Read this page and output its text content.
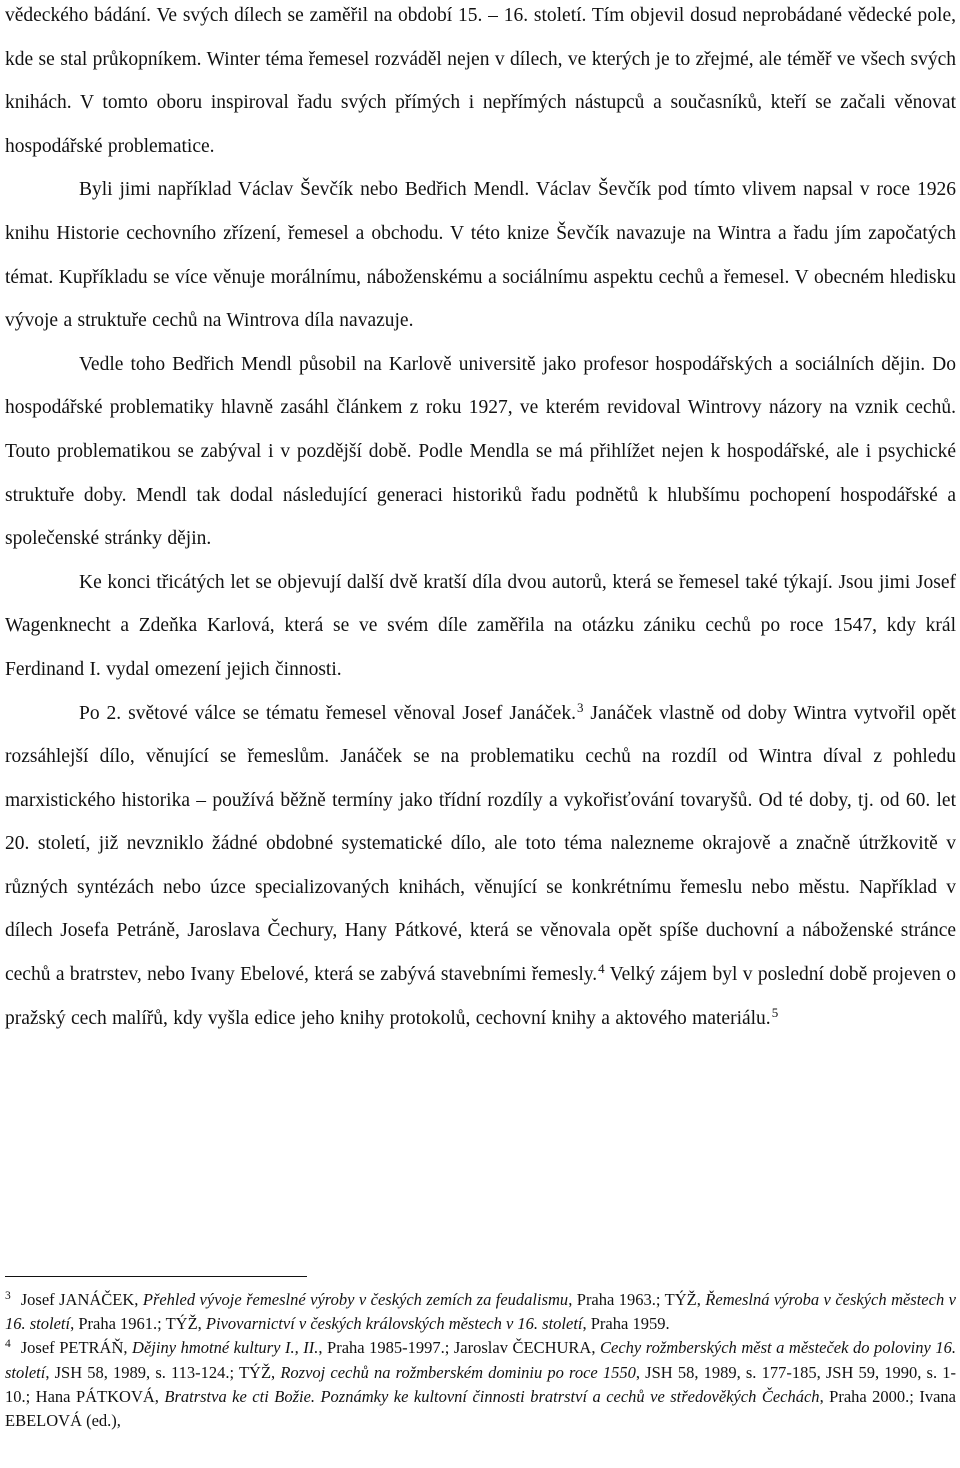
vědeckého bádání. Ve svých dílech se zaměřil na období 15. – 16. století. Tím objevil dosud neprobádané vědecké pole, kde se stal průkopníkem. Winter téma řemesel rozváděl nejen v dílech, ve kterých je to zřejmé, ale téměř ve všech svých knihách. V tomto oboru inspiroval řadu svých přímých i nepřímých nástupců a současníků, kteří se začali věnovat hospodářské problematice.

Byli jimi například Václav Ševčík nebo Bedřich Mendl. Václav Ševčík pod tímto vlivem napsal v roce 1926 knihu Historie cechovního zřízení, řemesel a obchodu. V této knize Ševčík navazuje na Wintra a řadu jím započatých témat. Kupříkladu se více věnuje morálnímu, náboženskému a sociálnímu aspektu cechů a řemesel. V obecném hledisku vývoje a struktuře cechů na Wintrova díla navazuje.

Vedle toho Bedřich Mendl působil na Karlově universitě jako profesor hospodářských a sociálních dějin. Do hospodářské problematiky hlavně zasáhl článkem z roku 1927, ve kterém revidoval Wintrovy názory na vznik cechů. Touto problematikou se zabýval i v pozdější době. Podle Mendla se má přihlížet nejen k hospodářské, ale i psychické struktuře doby. Mendl tak dodal následující generaci historiků řadu podnětů k hlubšímu pochopení hospodářské a společenské stránky dějin.

Ke konci třicátých let se objevují další dvě kratší díla dvou autorů, která se řemesel také týkají. Jsou jimi Josef Wagenknecht a Zdeňka Karlová, která se ve svém díle zaměřila na otázku zániku cechů po roce 1547, kdy král Ferdinand I. vydal omezení jejich činnosti.

Po 2. světové válce se tématu řemesel věnoval Josef Janáček.$^3$ Janáček vlastně od doby Wintra vytvořil opět rozsáhlejší dílo, věnující se řemeslům. Janáček se na problematiku cechů na rozdíl od Wintra díval z pohledu marxistického historika – používá běžně termíny jako třídní rozdíly a vykořisťování tovaryšů. Od té doby, tj. od 60. let 20. století, již nevzniklo žádné obdobné systematické dílo, ale toto téma nalezneme okrajově a značně útržkovitě v různých syntézách nebo úzce specializovaných knihách, věnující se konkrétnímu řemeslu nebo městu. Například v dílech Josefa Petráně, Jaroslava Čechury, Hany Pátkové, která se věnovala opět spíše duchovní a náboženské stránce cechů a bratrstev, nebo Ivany Ebelové, která se zabývá stavebními řemesly.$^4$ Velký zájem byl v poslední době projeven o pražský cech malířů, kdy vyšla edice jeho knihy protokolů, cechovní knihy a aktového materiálu.$^5$

$^3$ Josef JANÁČEK, Přehled vývoje řemeslné výroby v českých zemích za feudalismu, Praha 1963.; TÝŽ, Řemeslná výroba v českých městech v 16. století, Praha 1961.; TÝŽ, Pivovarnictví v českých královských městech v 16. století, Praha 1959.

$^4$ Josef PETRÁŇ, Dějiny hmotné kultury I., II., Praha 1985-1997.; Jaroslav ČECHURA, Cechy rožmberských měst a městeček do poloviny 16. století, JSH 58, 1989, s. 113-124.; TÝŽ, Rozvoj cechů na rožmberském dominiu po roce 1550, JSH 58, 1989, s. 177-185, JSH 59, 1990, s. 1-10.; Hana PÁTKOVÁ, Bratrstva ke cti Božie. Poznámky ke kultovní činnosti bratrství a cechů ve středověkých Čechách, Praha 2000.; Ivana EBELOVÁ (ed.),
